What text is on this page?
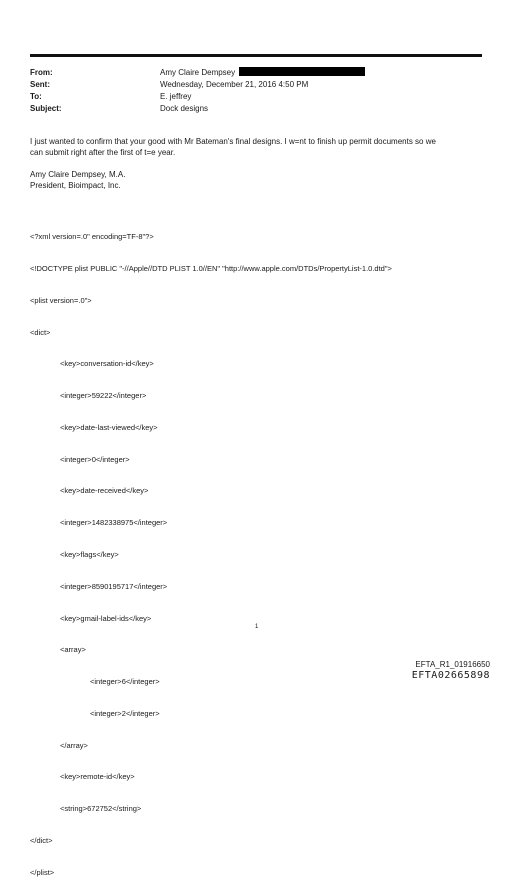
From:	Amy Claire Dempsey
Sent:	Wednesday, December 21, 2016 4:50 PM
To:	E. jeffrey
Subject:	Dock designs
I just wanted to confirm that your good with Mr Bateman's final designs. I w=nt to finish up permit documents so we
can submit right after the first of t=e year.
Amy Claire Dempsey, M.A.
President, Bioimpact, Inc.

<?xml version=.0" encoding=TF-8"?>

<!DOCTYPE plist PUBLIC "-//Apple//DTD PLIST 1.0//EN" "http://www.apple.com/DTDs/PropertyList-1.0.dtd">

<plist version=.0">

<dict>

<key>conversation-id</key>

<integer>59222</integer>

<key>date-last-viewed</key>

<integer>0</integer>

<key>date-received</key>

<integer>1482338975</integer>

<key>flags</key>

<integer>8590195717</integer>

<key>gmail-label-ids</key>

<array>

<integer>6</integer>

<integer>2</integer>

</array>

<key>remote-id</key>

<string>672752</string>

</dict>

</plist>

1
EFTA_R1_01916650
EFTA02665898
